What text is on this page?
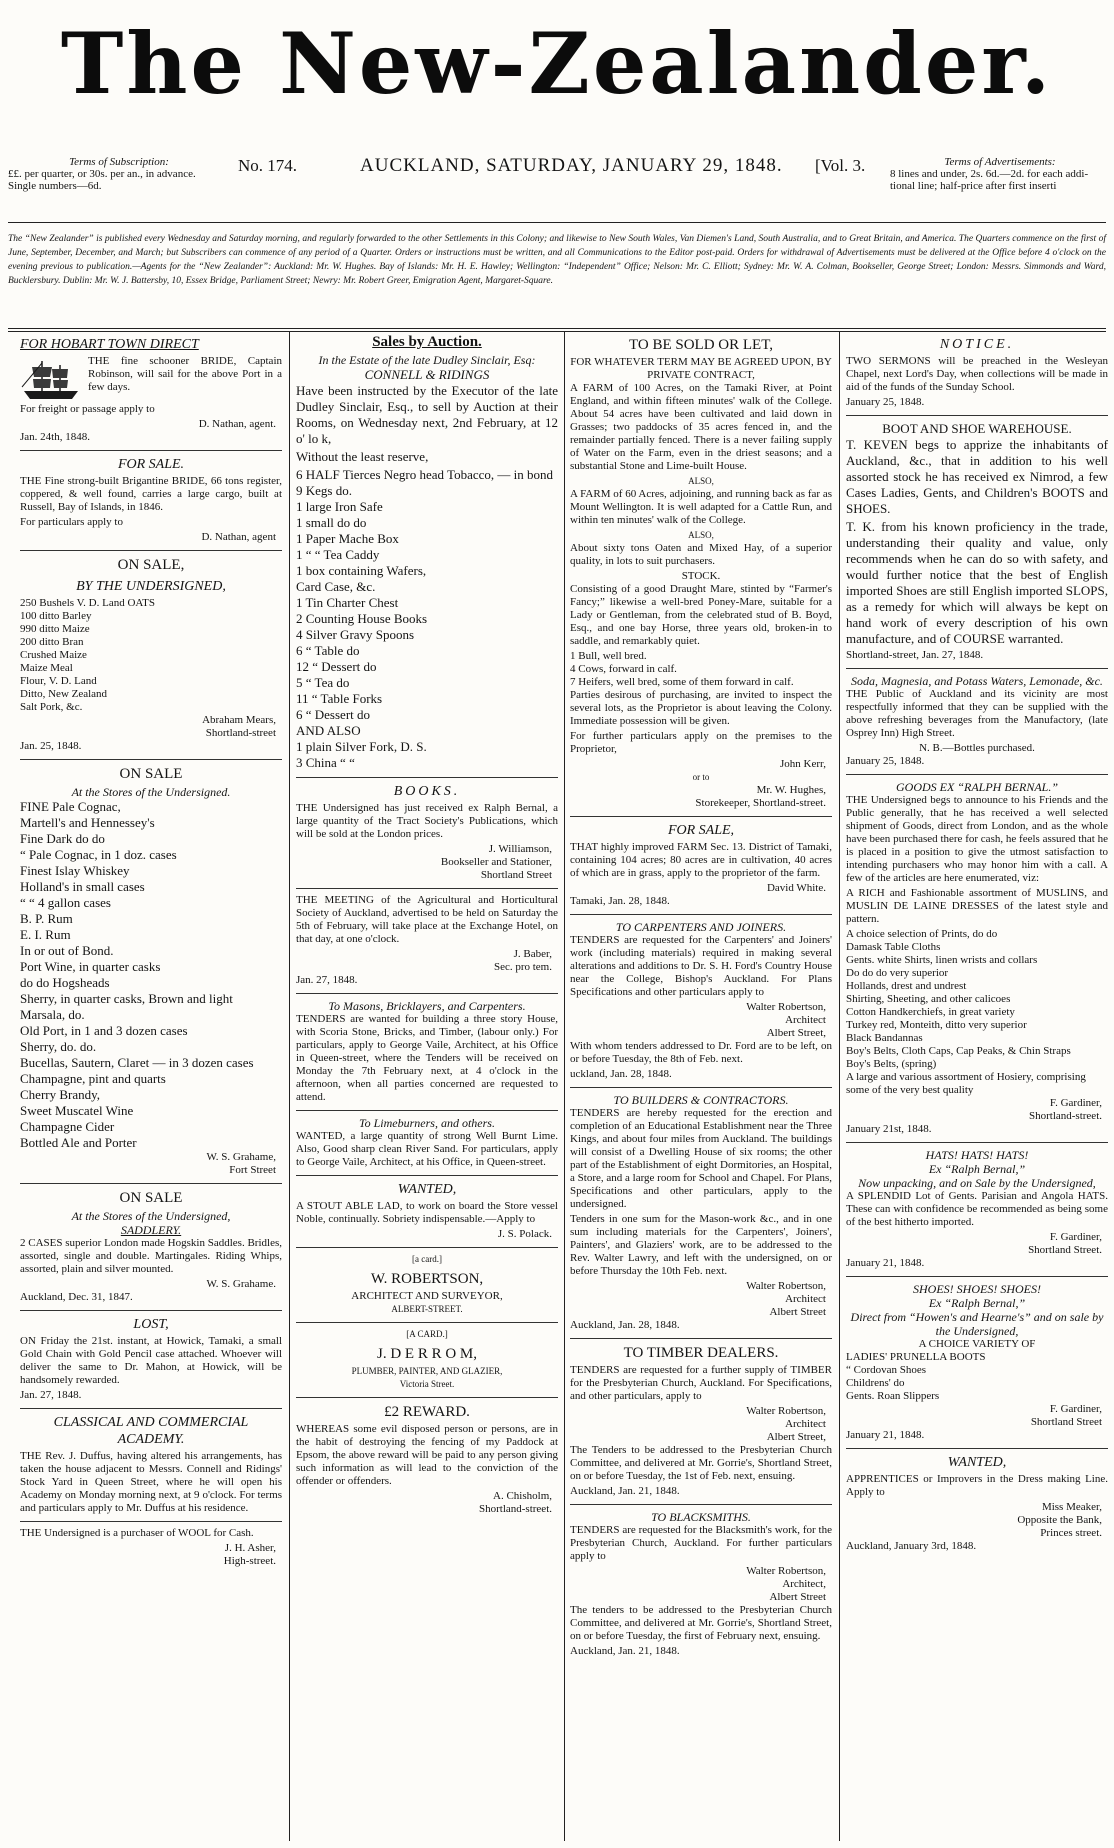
The New-Zealander.
Terms of Subscription:
££. per quarter, or 30s. per an., in advance.
Single numbers—6d.
No. 174.	AUCKLAND, SATURDAY, JANUARY 29, 1848. [Vol. 3.	Terms of Advertisements:
8 lines and under, 2s. 6d.—2d. for each addi-
tional line; half-price after first inserti
The “New Zealander” is published every Wednesday and Saturday morning, and regularly forwarded to the other Settlements in this Colony; and likewise to New South Wales, Van Diemen's Land, South Australia, and to Great Britain, and America. The Quarters commence on the first of June, September, December, and March; but Subscribers can commence of any period of a Quarter. Orders or instructions must be written, and all Communications to the Editor post-paid. Orders for withdrawal of Advertisements must be delivered at the Office before 4 o'clock on the evening previous to publication.—Agents for the “New Zealander”: Auckland: Mr. W. Hughes. Bay of Islands: Mr. H. E. Hawley; Wellington: “Independent” Office; Nelson: Mr. C. Elliott; Sydney: Mr. W. A. Colman, Bookseller, George Street; London: Messrs. Simmonds and Ward, Bucklersbury. Dublin: Mr. W. J. Battersby, 10, Essex Bridge, Parliament Street; Newry: Mr. Robert Greer, Emigration Agent, Margaret-Square.
FOR HOBART TOWN DIRECT

THE fine schooner BRIDE, Captain Robinson, will sail for the above Port in a few days.

For freight or passage apply to

D. Nathan, agent.
Jan. 24th, 1848.
FOR SALE.

THE Fine strong-built Brigantine BRIDE, 66 tons register, coppered, & well found, carries a large cargo, built at Russell, Bay of Islands, in 1846.

For particulars apply to

D. Nathan, agent
ON SALE,
BY THE UNDERSIGNED,
250 Bushels V. D. Land OATS
100 ditto Barley
990 ditto Maize
200 ditto Bran
Crushed Maize
Maize Meal
Flour, V. D. Land
Ditto, New Zealand
Salt Pork, &c.
Abraham Mears,
Shortland-street
Jan. 25, 1848.
ON SALE
At the Stores of the Undersigned.
FINE Pale Cognac,
Martell's and Hennessey's
Fine Dark do do
“ Pale Cognac, in 1 doz. cases
Finest Islay Whiskey
Holland's in small cases
“ “ 4 gallon cases
B. P. Rum
E. I. Rum
In or out of Bond.
Port Wine, in quarter casks
do do Hogsheads
Sherry, in quarter casks, Brown and light
Marsala, do.
Old Port, in 1 and 3 dozen cases
Sherry, do. do.
Bucellas, Sautern, Claret — in 3 dozen cases
Champagne, pint and quarts
Cherry Brandy,
Sweet Muscatel Wine
Champagne Cider
Bottled Ale and Porter
W. S. Grahame,
Fort Street
ON SALE
At the Stores of the Undersigned,
SADDLERY.

2 CASES superior London made Hogskin Saddles. Bridles, assorted, single and double. Martingales. Riding Whips, assorted, plain and silver mounted.

W. S. Grahame.
Auckland, Dec. 31, 1847.
LOST,

ON Friday the 21st. instant, at Howick, Tamaki, a small Gold Chain with Gold Pencil case attached. Whoever will deliver the same to Dr. Mahon, at Howick, will be handsomely rewarded.

Jan. 27, 1848.
CLASSICAL AND COMMERCIAL ACADEMY.

THE Rev. J. Duffus, having altered his arrangements, has taken the house adjacent to Messrs. Connell and Ridings' Stock Yard in Queen Street, where he will open his Academy on Monday morning next, at 9 o'clock. For terms and particulars apply to Mr. Duffus at his residence.

THE Undersigned is a purchaser of WOOL for Cash.

J. H. Asher,
High-street.
Sales by Auction.
In the Estate of the late Dudley Sinclair, Esq:
CONNELL & RIDINGS

Have been instructed by the Executor of the late Dudley Sinclair, Esq., to sell by Auction at their Rooms, on Wednesday next, 2nd February, at 12 o' lo k,

Without the least reserve,

6 HALF Tierces Negro head Tobacco, — in bond
9 Kegs do.
1 large Iron Safe
1 small do do
1 Paper Mache Box
1 “ “ Tea Caddy
1 box containing Wafers,
Card Case, &c.
1 Tin Charter Chest
2 Counting House Books
4 Silver Gravy Spoons
6 “ Table do
12 “ Dessert do
5 “ Tea do
11 “ Table Forks
6 “ Dessert do
AND ALSO
1 plain Silver Fork, D. S.
3 China “ “
BOOKS.

THE Undersigned has just received ex Ralph Bernal, a large quantity of the Tract Society's Publications, which will be sold at the London prices.

J. Williamson,
Bookseller and Stationer,
Shortland Street

THE MEETING of the Agricultural and Horticultural Society of Auckland, advertised to be held on Saturday the 5th of February, will take place at the Exchange Hotel, on that day, at one o'clock.

J. Baber,
Sec. pro tem.
Jan. 27, 1848.
To Masons, Bricklayers, and Carpenters.

TENDERS are wanted for building a three story House, with Scoria Stone, Bricks, and Timber, (labour only.) For particulars, apply to George Vaile, Architect, at his Office in Queen-street, where the Tenders will be received on Monday the 7th February next, at 4 o'clock in the afternoon, when all parties concerned are requested to attend.

To Limeburners, and others.

WANTED, a large quantity of strong Well Burnt Lime. Also, Good sharp clean River Sand. For particulars, apply to George Vaile, Architect, at his Office, in Queen-street.

WANTED,

A STOUT ABLE LAD, to work on board the Store vessel Noble, continually. Sobriety indispensable.—Apply to

J. S. Polack.
[a card.]
W. ROBERTSON,
ARCHITECT AND SURVEYOR,
ALBERT-STREET.
[A CARD.]
J. D E R R O M,
PLUMBER, PAINTER, AND GLAZIER,
Victoria Street.
£2 REWARD.

WHEREAS some evil disposed person or persons, are in the habit of destroying the fencing of my Paddock at Epsom, the above reward will be paid to any person giving such information as will lead to the conviction of the offender or offenders.

A. Chisholm,
Shortland-street.
TO BE SOLD OR LET,
FOR WHATEVER TERM MAY BE AGREED UPON, BY PRIVATE CONTRACT,

A FARM of 100 Acres, on the Tamaki River, at Point England, and within fifteen minutes' walk of the College. About 54 acres have been cultivated and laid down in Grasses; two paddocks of 35 acres fenced in, and the remainder partially fenced. There is a never failing supply of Water on the Farm, even in the driest seasons; and a substantial Stone and Lime-built House.

ALSO,

A FARM of 60 Acres, adjoining, and running back as far as Mount Wellington. It is well adapted for a Cattle Run, and within ten minutes' walk of the College.

ALSO,

About sixty tons Oaten and Mixed Hay, of a superior quality, in lots to suit purchasers.

STOCK.

Consisting of a good Draught Mare, stinted by “Farmer's Fancy;” likewise a well-bred Poney-Mare, suitable for a Lady or Gentleman, from the celebrated stud of B. Boyd, Esq., and one bay Horse, three years old, broken-in to saddle, and remarkably quiet.

1 Bull, well bred.
4 Cows, forward in calf.
7 Heifers, well bred, some of them forward in calf.

Parties desirous of purchasing, are invited to inspect the several lots, as the Proprietor is about leaving the Colony. Immediate possession will be given.

For further particulars apply on the premises to the Proprietor,

John Kerr,
or to
Mr. W. Hughes,
Storekeeper, Shortland-street.
FOR SALE,

THAT highly improved FARM Sec. 13. District of Tamaki, containing 104 acres; 80 acres are in cultivation, 40 acres of which are in grass, apply to the proprietor of the farm.

David White.
Tamaki, Jan. 28, 1848.
TO CARPENTERS AND JOINERS.

TENDERS are requested for the Carpenters' and Joiners' work (including materials) required in making several alterations and additions to Dr. S. H. Ford's Country House near the College, Bishop's Auckland. For Plans Specifications and other particulars apply to

Walter Robertson,
Architect
Albert Street,

With whom tenders addressed to Dr. Ford are to be left, on or before Tuesday, the 8th of Feb. next.

uckland, Jan. 28, 1848.
TO BUILDERS & CONTRACTORS.

TENDERS are hereby requested for the erection and completion of an Educational Establishment near the Three Kings, and about four miles from Auckland. The buildings will consist of a Dwelling House of six rooms; the other part of the Establishment of eight Dormitories, an Hospital, a Store, and a large room for School and Chapel. For Plans, Specifications and other particulars, apply to the undersigned.

Tenders in one sum for the Mason-work &c., and in one sum including materials for the Carpenters', Joiners', Painters', and Glaziers' work, are to be addressed to the Rev. Walter Lawry, and left with the undersigned, on or before Thursday the 10th Feb. next.

Walter Robertson,
Architect
Albert Street
Auckland, Jan. 28, 1848.
TO TIMBER DEALERS.

TENDERS are requested for a further supply of TIMBER for the Presbyterian Church, Auckland. For Specifications, and other particulars, apply to

Walter Robertson,
Architect
Albert Street,

The Tenders to be addressed to the Presbyterian Church Committee, and delivered at Mr. Gorrie's, Shortland Street, on or before Tuesday, the 1st of Feb. next, ensuing.

Auckland, Jan. 21, 1848.
TO BLACKSMITHS.

TENDERS are requested for the Blacksmith's work, for the Presbyterian Church, Auckland. For further particulars apply to

Walter Robertson,
Architect,
Albert Street

The tenders to be addressed to the Presbyterian Church Committee, and delivered at Mr. Gorrie's, Shortland Street, on or before Tuesday, the first of February next, ensuing.

Auckland, Jan. 21, 1848.
NOTICE.

TWO SERMONS will be preached in the Wesleyan Chapel, next Lord's Day, when collections will be made in aid of the funds of the Sunday School.

January 25, 1848.
BOOT AND SHOE WAREHOUSE.

T. KEVEN begs to apprize the inhabitants of Auckland, &c., that in addition to his well assorted stock he has received ex Nimrod, a few Cases Ladies, Gents, and Children's BOOTS and SHOES.

T. K. from his known proficiency in the trade, understanding their quality and value, only recommends when he can do so with safety, and would further notice that the best of English imported Shoes are still English imported SLOPS, as a remedy for which will always be kept on hand work of every description of his own manufacture, and of COURSE warranted.

Shortland-street, Jan. 27, 1848.
Soda, Magnesia, and Potass Waters, Lemonade, &c.

THE Public of Auckland and its vicinity are most respectfully informed that they can be supplied with the above refreshing beverages from the Manufactory, (late Osprey Inn) High Street.

N. B.—Bottles purchased.
January 25, 1848.
GOODS EX “RALPH BERNAL.”

THE Undersigned begs to announce to his Friends and the Public generally, that he has received a well selected shipment of Goods, direct from London, and as the whole have been purchased there for cash, he feels assured that he is placed in a position to give the utmost satisfaction to intending purchasers who may honor him with a call. A few of the articles are here enumerated, viz:

A RICH and Fashionable assortment of MUSLINS, and MUSLIN DE LAINE DRESSES of the latest style and pattern.

A choice selection of Prints, do do
Damask Table Cloths
Gents. white Shirts, linen wrists and collars
Do do do very superior
Hollands, drest and undrest
Shirting, Sheeting, and other calicoes
Cotton Handkerchiefs, in great variety
Turkey red, Monteith, ditto very superior
Black Bandannas
Boy's Belts, Cloth Caps, Cap Peaks, & Chin Straps
Boy's Belts, (spring)
A large and various assortment of Hosiery, comprising some of the very best quality
F. Gardiner,
Shortland-street.
January 21st, 1848.
HATS! HATS! HATS!
Ex “Ralph Bernal,”
Now unpacking, and on Sale by the Undersigned,

A SPLENDID Lot of Gents. Parisian and Angola HATS. These can with confidence be recommended as being some of the best hitherto imported.

F. Gardiner,
Shortland Street.
January 21, 1848.
SHOES! SHOES! SHOES!
Ex “Ralph Bernal,”
Direct from “Howen's and Hearne's” and on sale by the Undersigned,
A CHOICE VARIETY OF
LADIES' PRUNELLA BOOTS
“ Cordovan Shoes
Childrens' do
Gents. Roan Slippers
F. Gardiner,
Shortland Street
January 21, 1848.
WANTED,

APPRENTICES or Improvers in the Dress making Line. Apply to

Miss Meaker,
Opposite the Bank,
Princes street.
Auckland, January 3rd, 1848.
